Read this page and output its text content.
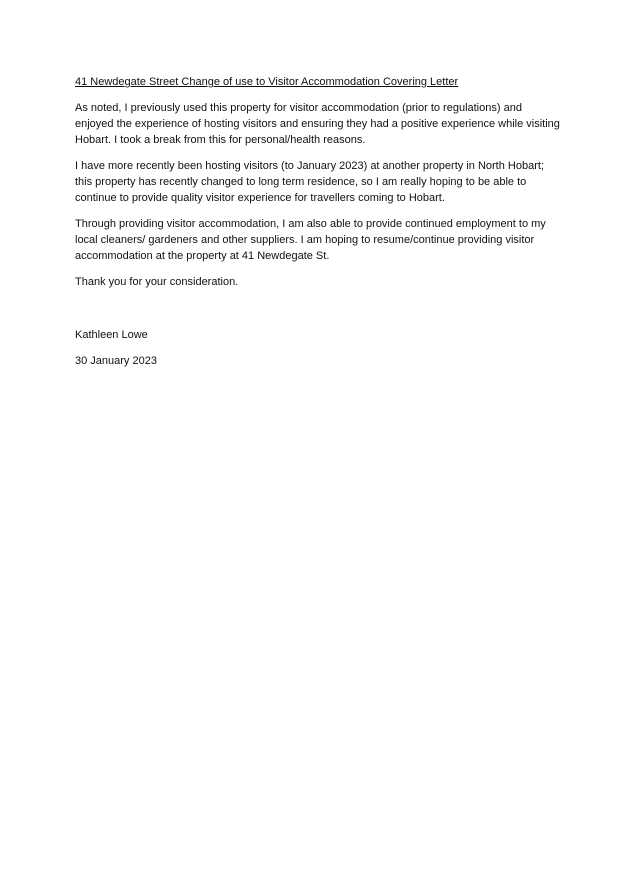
41 Newdegate Street Change of use to Visitor Accommodation Covering Letter
As noted, I previously used this property for visitor accommodation (prior to regulations) and
enjoyed the experience of hosting visitors and ensuring they had a positive experience while visiting
Hobart. I took a break from this for personal/health reasons.
I have more recently been hosting visitors (to January 2023) at another property in North Hobart;
this property has recently changed to long term residence, so I am really hoping to be able to
continue to provide quality visitor experience for travellers coming to Hobart.
Through providing visitor accommodation, I am also able to provide continued employment to my
local cleaners/ gardeners and other suppliers. I am hoping to resume/continue providing visitor
accommodation at the property at 41 Newdegate St.
Thank you for your consideration.
Kathleen Lowe
30 January 2023
